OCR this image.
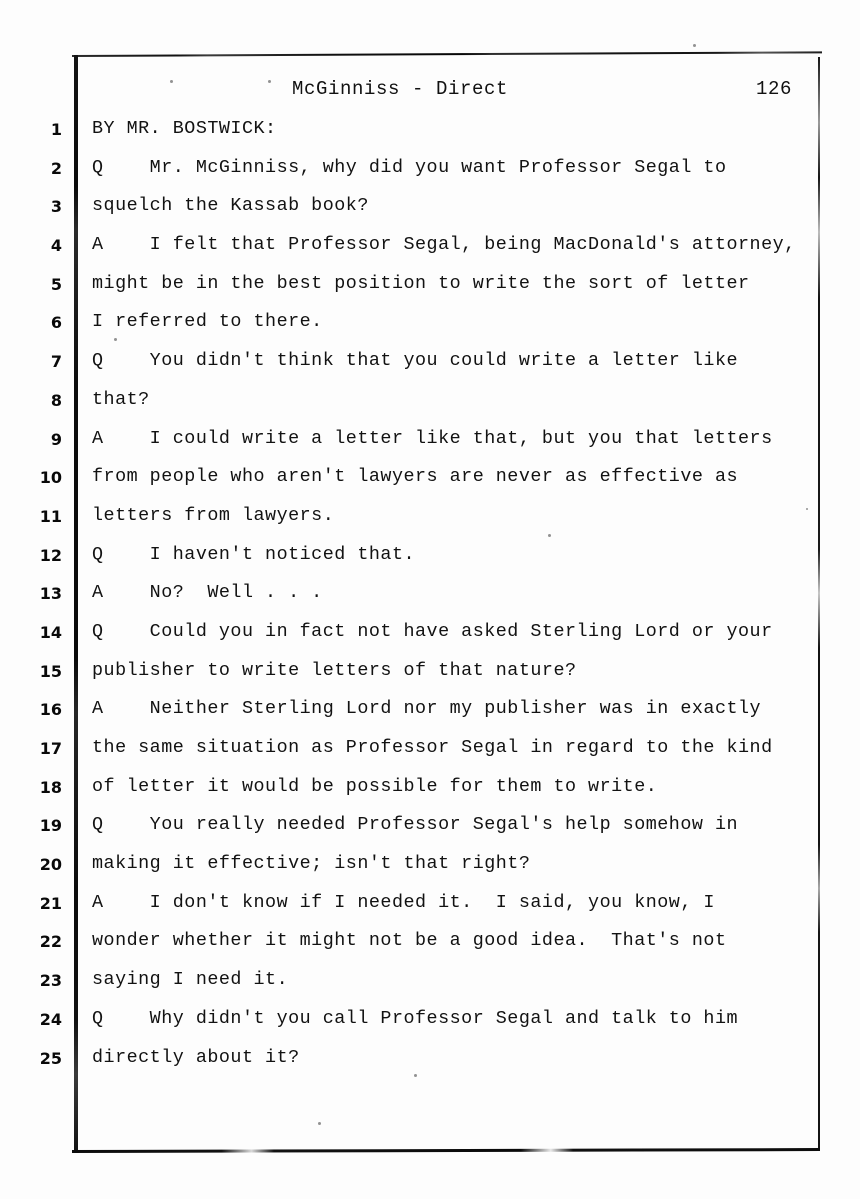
McGinniss - Direct	126
1 BY MR. BOSTWICK:
2 Q    Mr. McGinniss, why did you want Professor Segal to
3 squelch the Kassab book?
4 A    I felt that Professor Segal, being MacDonald's attorney,
5 might be in the best position to write the sort of letter
6 I referred to there.
7 Q    You didn't think that you could write a letter like
8 that?
9 A    I could write a letter like that, but you that letters
10 from people who aren't lawyers are never as effective as
11 letters from lawyers.
12 Q    I haven't noticed that.
13 A    No?  Well . . .
14 Q    Could you in fact not have asked Sterling Lord or your
15 publisher to write letters of that nature?
16 A    Neither Sterling Lord nor my publisher was in exactly
17 the same situation as Professor Segal in regard to the kind
18 of letter it would be possible for them to write.
19 Q    You really needed Professor Segal's help somehow in
20 making it effective; isn't that right?
21 A    I don't know if I needed it.  I said, you know, I
22 wonder whether it might not be a good idea.  That's not
23 saying I need it.
24 Q    Why didn't you call Professor Segal and talk to him
25 directly about it?
